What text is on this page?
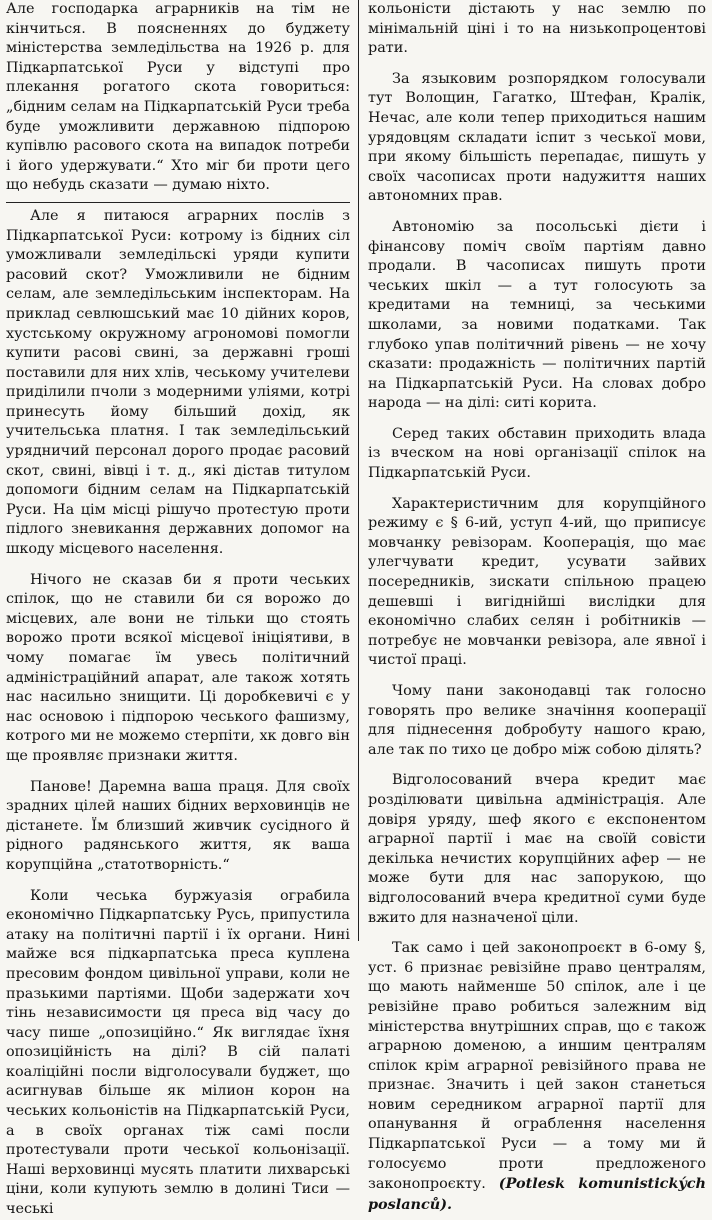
Але господарка аграрників на тім не кінчиться. В поясненнях до буджету міністерства земледільства на 1926 р. для Підкарпатської Руси у відступі про плекання рогатого скота говориться: „бідним селам на Підкарпатській Руси треба буде уможливити державною підпорою купівлю расового скота на випадок потреби і його удержувати.“ Хто міг би проти цего що небудь сказати — думаю ніхто.

Але я питаюся аграрних послів з Підкарпатської Руси: котрому із бідних сіл уможливали земледільскі уряди купити расовий скот? Уможливили не бідним селам, але земледільським інспекторам. На приклад севлюшський має 10 дійних коров, хустському окружному агрономові помогли купити расові свині, за державні гроші поставили для них хлів, чеському учителеви приділили пчоли з модерними уліями, котрі принесуть йому більший дохід, як учительська платня. І так земледільський урядничий персонал дорого продає расовий скот, свині, вівці і т. д., які дістав титулом допомоги бідним селам на Підкарпатській Руси. На цім місці рішучо протестую проти підлого зневикання державних допомог на шкоду місцевого населення.

Нічого не сказав би я проти чеських спілок, що не ставили би ся ворожо до місцевих, але вони не тільки що стоять ворожо проти всякої місцевої ініціятиви, в чому помагає їм увесь політичний адміністраційний апарат, але також хотять нас насильно знищити. Ці доробкевичі є у нас основою і підпорою чеського фашизму, котрого ми не можемо стерпіти, хк довго він ще проявляє признаки життя.

Панове! Даремна ваша праця. Для своїх зрадних цілей наших бідних верховинців не дістанете. Їм близший живчик сусідного й рідного радянського життя, як ваша корупційна „статотворність.“

Коли чеська буржуазія ограбила економічно Підкарпатську Русь, припустила атаку на політичні партії і їх органи. Нині майже вся підкарпатська преса куплена пресовим фондом цивільної управи, коли не празькими партіями. Щоби задержати хоч тінь независимости ця преса від часу до часу пише „опозиційно.“ Як виглядає їхня опозиційність на ділі? В сій палаті коаліційні посли відголосували буджет, що асигнував більше як мілион корон на чеських кольоністів на Підкарпатській Руси, а в своїх органах тіж самі посли протестували проти чеської кольонізації. Наші верховинці мусять платити лихварські ціни, коли купують землю в долині Тиси — чеські

кольоністи дістають у нас землю по мінімальній ціні і то на низькопроцентові рати.

За языковим розпорядком голосували тут Волощин, Гагатко, Штефан, Кралік, Нечас, але коли тепер приходиться нашим урядовцям складати іспит з чеської мови, при якому більшість перепадає, пишуть у своїх часописах проти надужиття наших автономних прав.

Автономію за посольські дієти і фінансову поміч своїм партіям давно продали. В часописах пишуть проти чеських шкіл — а тут голосують за кредитами на темниці, за чеськими школами, за новими податками. Так глубоко упав політичний рівень — не хочу сказати: продажність — політичних партій на Підкарпатській Руси. На словах добро народа — на ділі: ситі корита.

Серед таких обставин приходить влада із вческом на нові організації спілок на Підкарпатській Руси.

Характеристичним для корупційного режиму є § 6-ий, уступ 4-ий, що приписує мовчанку ревізорам. Кооперація, що має улегчувати кредит, усувати зайвих посередників, зискати спільною працею дешевші і вигіднійші вислідки для економічно слабих селян і робітників — потребує не мовчанки ревізора, але явної і чистої праці.

Чому пани законодавці так голосно говорять про велике значіння кооперації для піднесення добробуту нашого краю, але так по тихо це добро між собою ділять?

Відголосований вчера кредит має розділювати цивільна адміністрація. Але довіря уряду, шеф якого є експонентом аграрної партії і має на своїй совісти декілька нечистих корупційних афер — не може бути для нас запорукою, що відголосований вчера кредитної суми буде вжито для назначеної ціли.

Так само і цей законопроєкт в 6-ому §, уст. 6 признає ревізійне право централям, що мають найменше 50 спілок, але і це ревізійне право робиться залежним від міністерства внутрішних справ, що є також аграрною доменою, а иншим централям спілок крім аграрної ревізійного права не признає. Значить і цей закон станеться новим середником аграрної партії для опанування й ограблення населення Підкарпатської Руси — а тому ми й голосуємо проти предложеного законопроєкту. (Potlesk komunistických poslanců).
